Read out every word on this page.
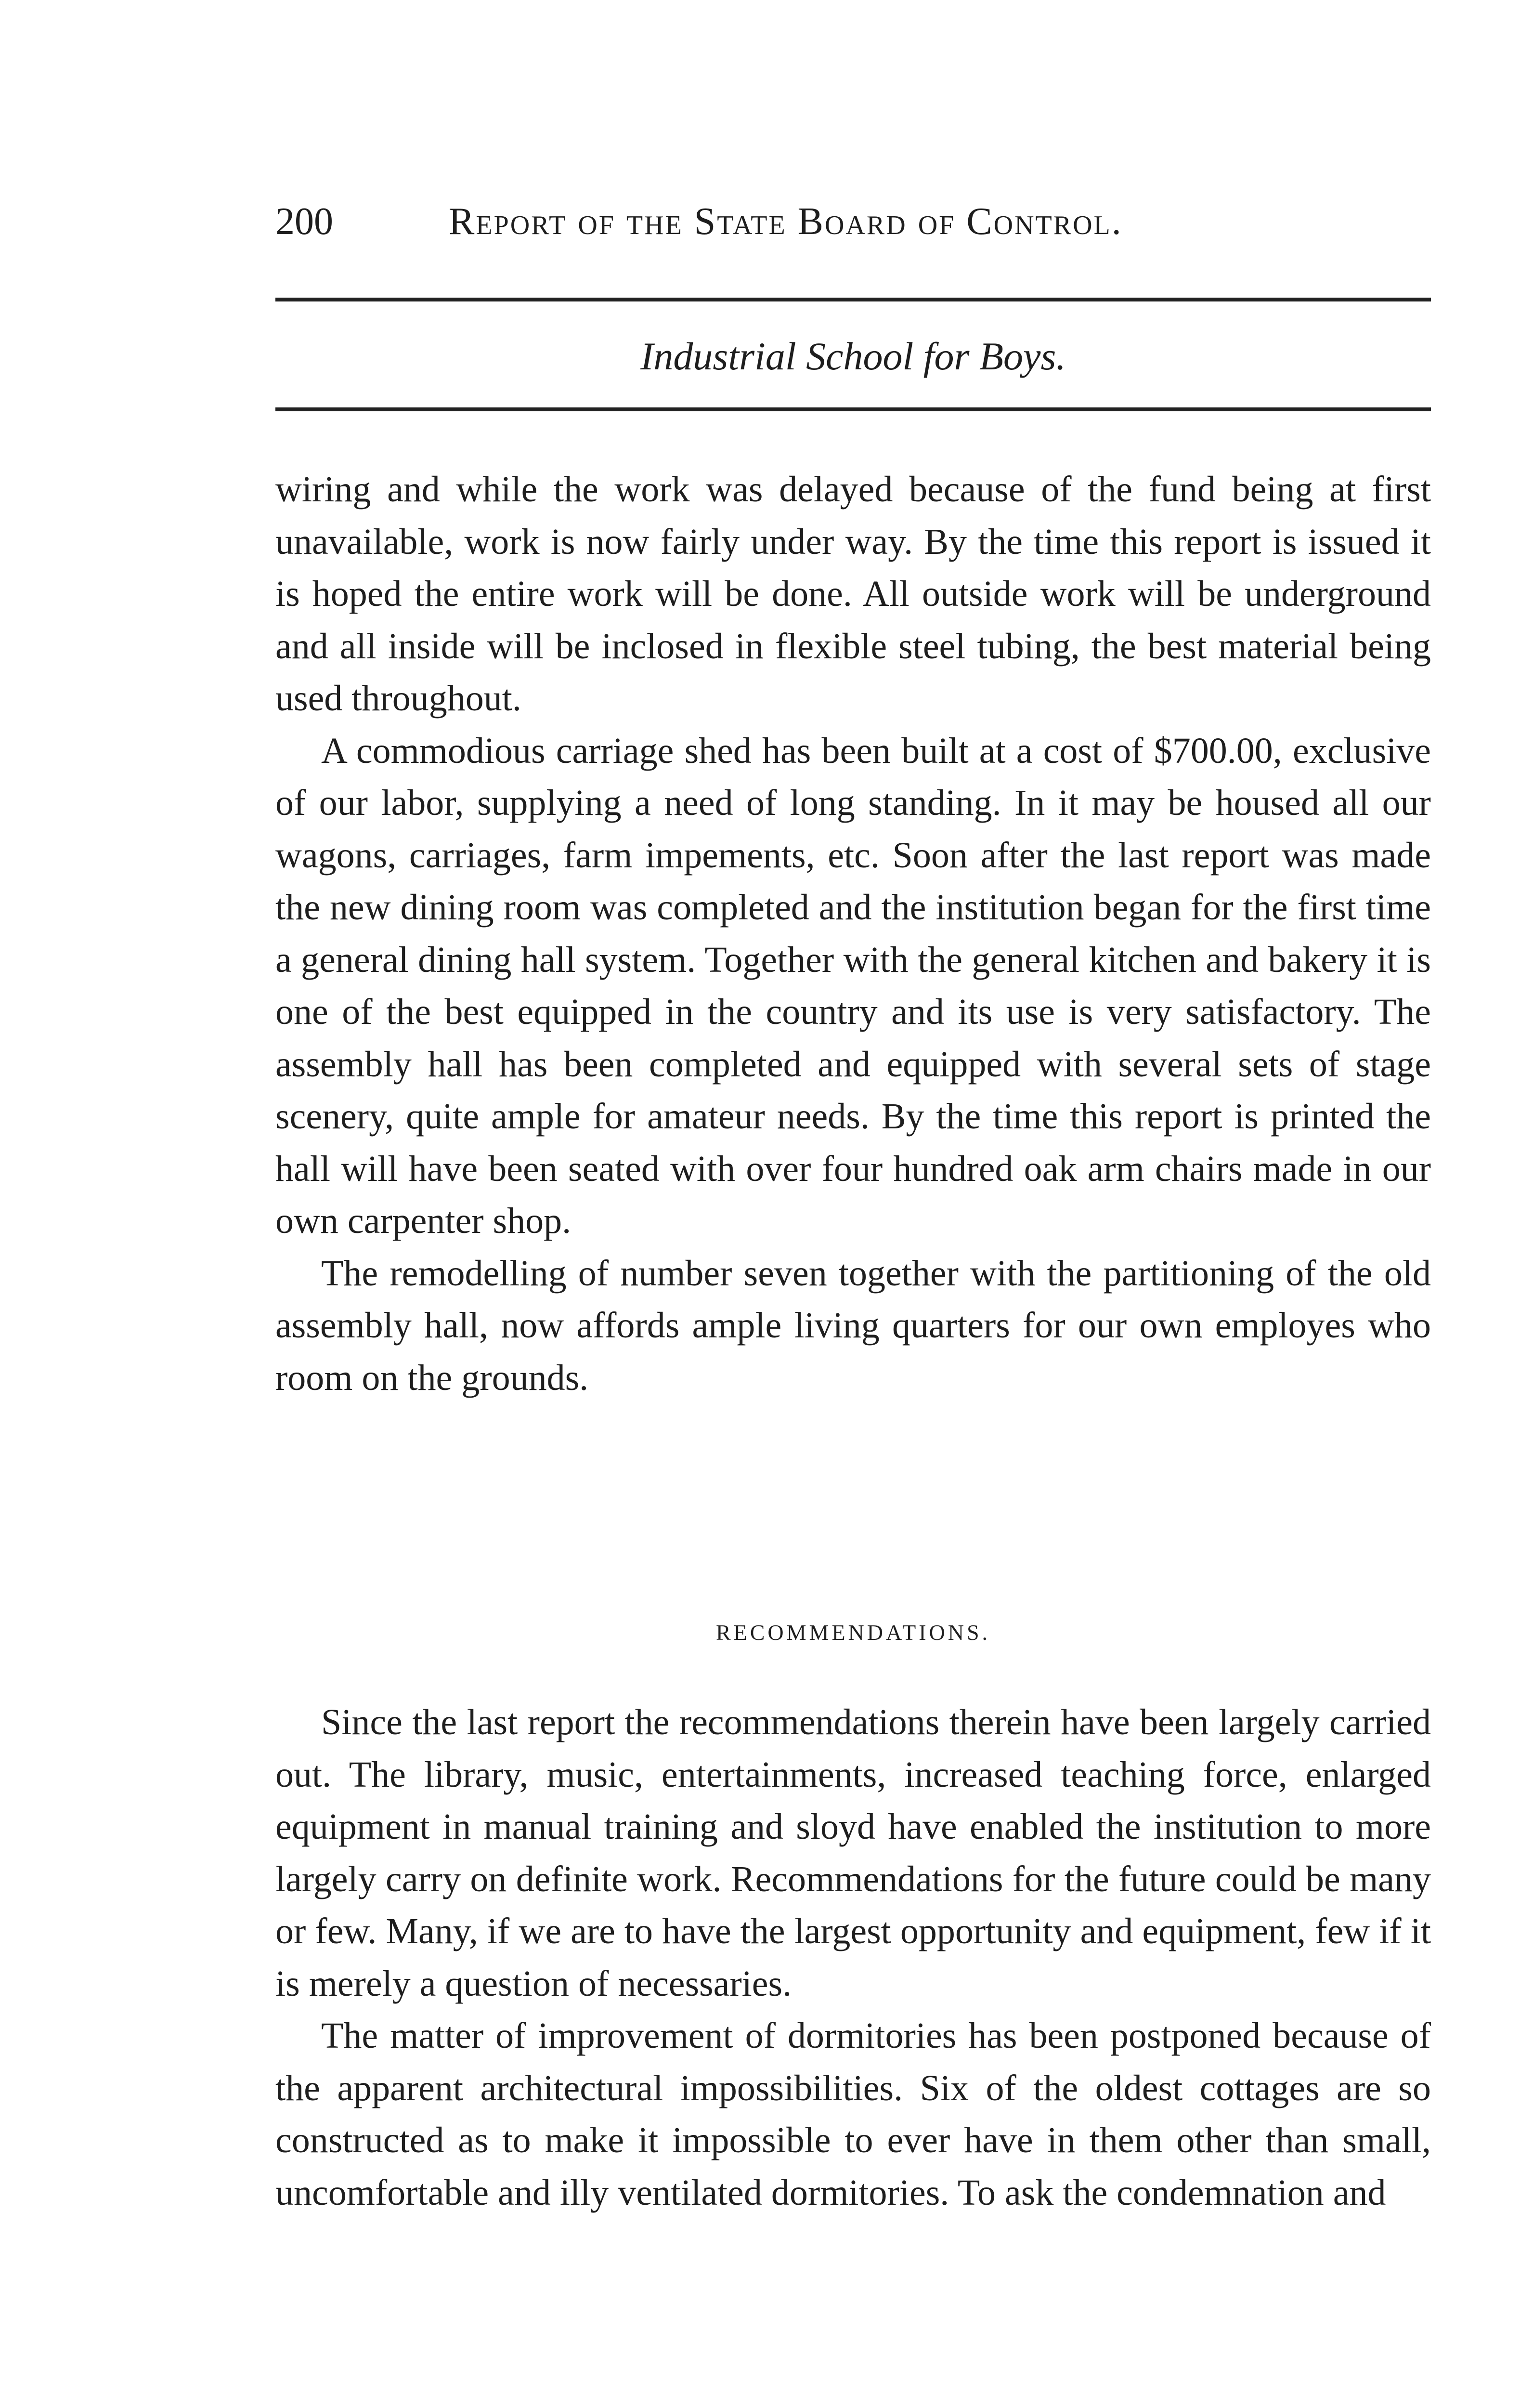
200	Report of the State Board of Control.
Industrial School for Boys.

wiring and while the work was delayed because of the fund being at first unavailable, work is now fairly under way. By the time this report is issued it is hoped the entire work will be done. All outside work will be underground and all inside will be inclosed in flexible steel tubing, the best material being used throughout.

A commodious carriage shed has been built at a cost of $700.00, exclusive of our labor, supplying a need of long standing. In it may be housed all our wagons, carriages, farm impements, etc. Soon after the last report was made the new dining room was completed and the institution began for the first time a general dining hall system. Together with the general kitchen and bakery it is one of the best equipped in the country and its use is very satisfactory. The assembly hall has been completed and equipped with several sets of stage scenery, quite ample for amateur needs. By the time this report is printed the hall will have been seated with over four hundred oak arm chairs made in our own carpenter shop.

The remodelling of number seven together with the partitioning of the old assembly hall, now affords ample living quarters for our own employes who room on the grounds.

RECOMMENDATIONS.

Since the last report the recommendations therein have been largely carried out. The library, music, entertainments, increased teaching force, enlarged equipment in manual training and sloyd have enabled the institution to more largely carry on definite work. Recommendations for the future could be many or few. Many, if we are to have the largest opportunity and equipment, few if it is merely a question of necessaries.

The matter of improvement of dormitories has been postponed because of the apparent architectural impossibilities. Six of the oldest cottages are so constructed as to make it impossible to ever have in them other than small, uncomfortable and illy ventilated dormitories. To ask the condemnation and
